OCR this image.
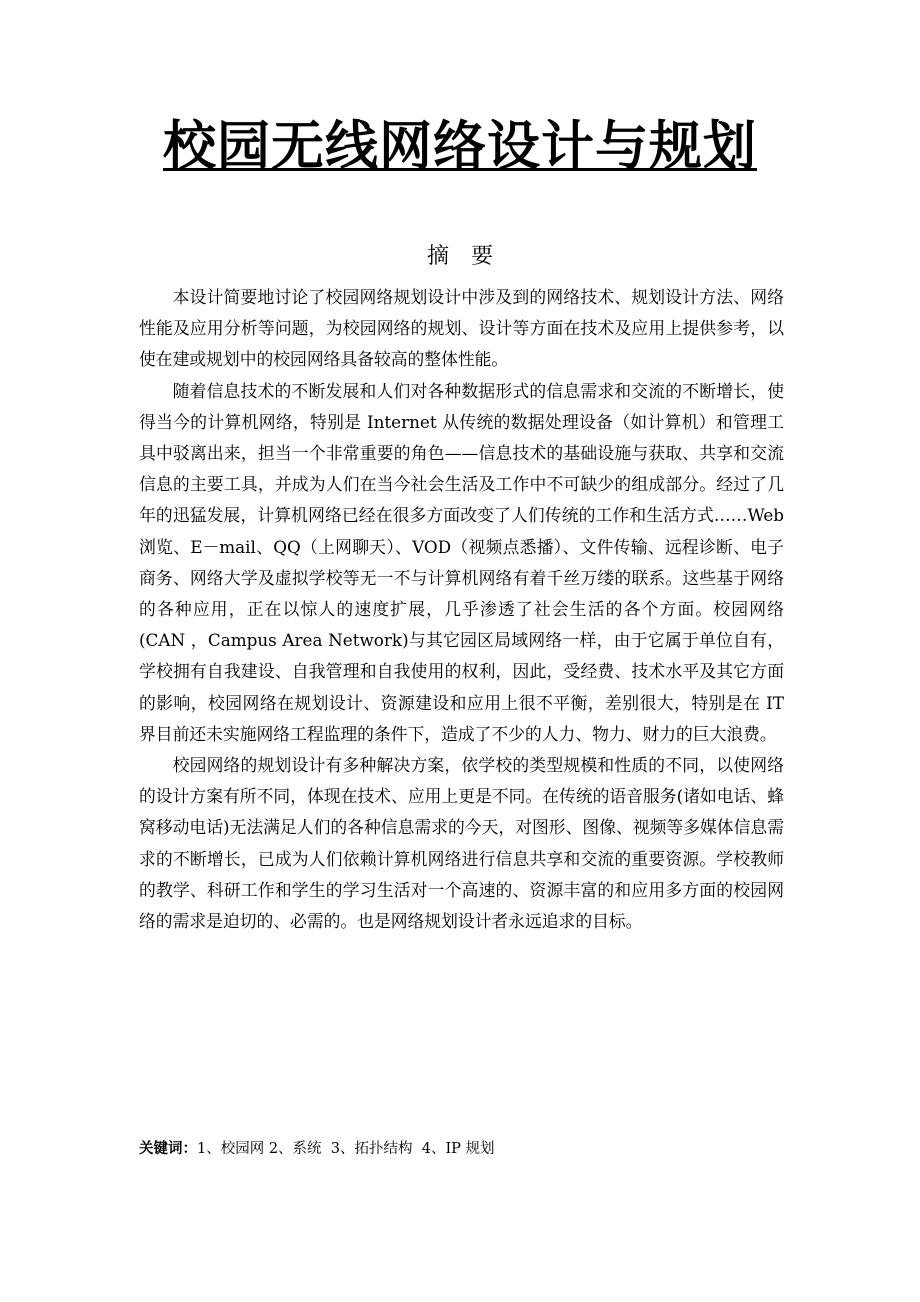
校园无线网络设计与规划
摘 要

本设计简要地讨论了校园网络规划设计中涉及到的网络技术、规划设计方法、网络性能及应用分析等问题，为校园网络的规划、设计等方面在技术及应用上提供参考，以使在建或规划中的校园网络具备较高的整体性能。

随着信息技术的不断发展和人们对各种数据形式的信息需求和交流的不断增长，使得当今的计算机网络，特别是 Internet 从传统的数据处理设备（如计算机）和管理工具中驳离出来，担当一个非常重要的角色——信息技术的基础设施与获取、共享和交流信息的主要工具，并成为人们在当今社会生活及工作中不可缺少的组成部分。经过了几年的迅猛发展，计算机网络已经在很多方面改变了人们传统的工作和生活方式……Web 浏览、E－mail、QQ（上网聊天）、VOD（视频点悉播）、文件传输、远程诊断、电子商务、网络大学及虚拟学校等无一不与计算机网络有着千丝万缕的联系。这些基于网络的各种应用，正在以惊人的速度扩展，几乎渗透了社会生活的各个方面。校园网络(CAN ，Campus Area Network)与其它园区局域网络一样，由于它属于单位自有，学校拥有自我建设、自我管理和自我使用的权利，因此，受经费、技术水平及其它方面的影响，校园网络在规划设计、资源建设和应用上很不平衡，差别很大，特别是在 IT 界目前还未实施网络工程监理的条件下，造成了不少的人力、物力、财力的巨大浪费。

校园网络的规划设计有多种解决方案，依学校的类型规模和性质的不同，以使网络的设计方案有所不同，体现在技术、应用上更是不同。在传统的语音服务(诸如电话、蜂窝移动电话)无法满足人们的各种信息需求的今天，对图形、图像、视频等多媒体信息需求的不断增长，已成为人们依赖计算机网络进行信息共享和交流的重要资源。学校教师的教学、科研工作和学生的学习生活对一个高速的、资源丰富的和应用多方面的校园网络的需求是迫切的、必需的。也是网络规划设计者永远追求的目标。

关键词：1、校园网 2、系统  3、拓扑结构  4、IP 规划
